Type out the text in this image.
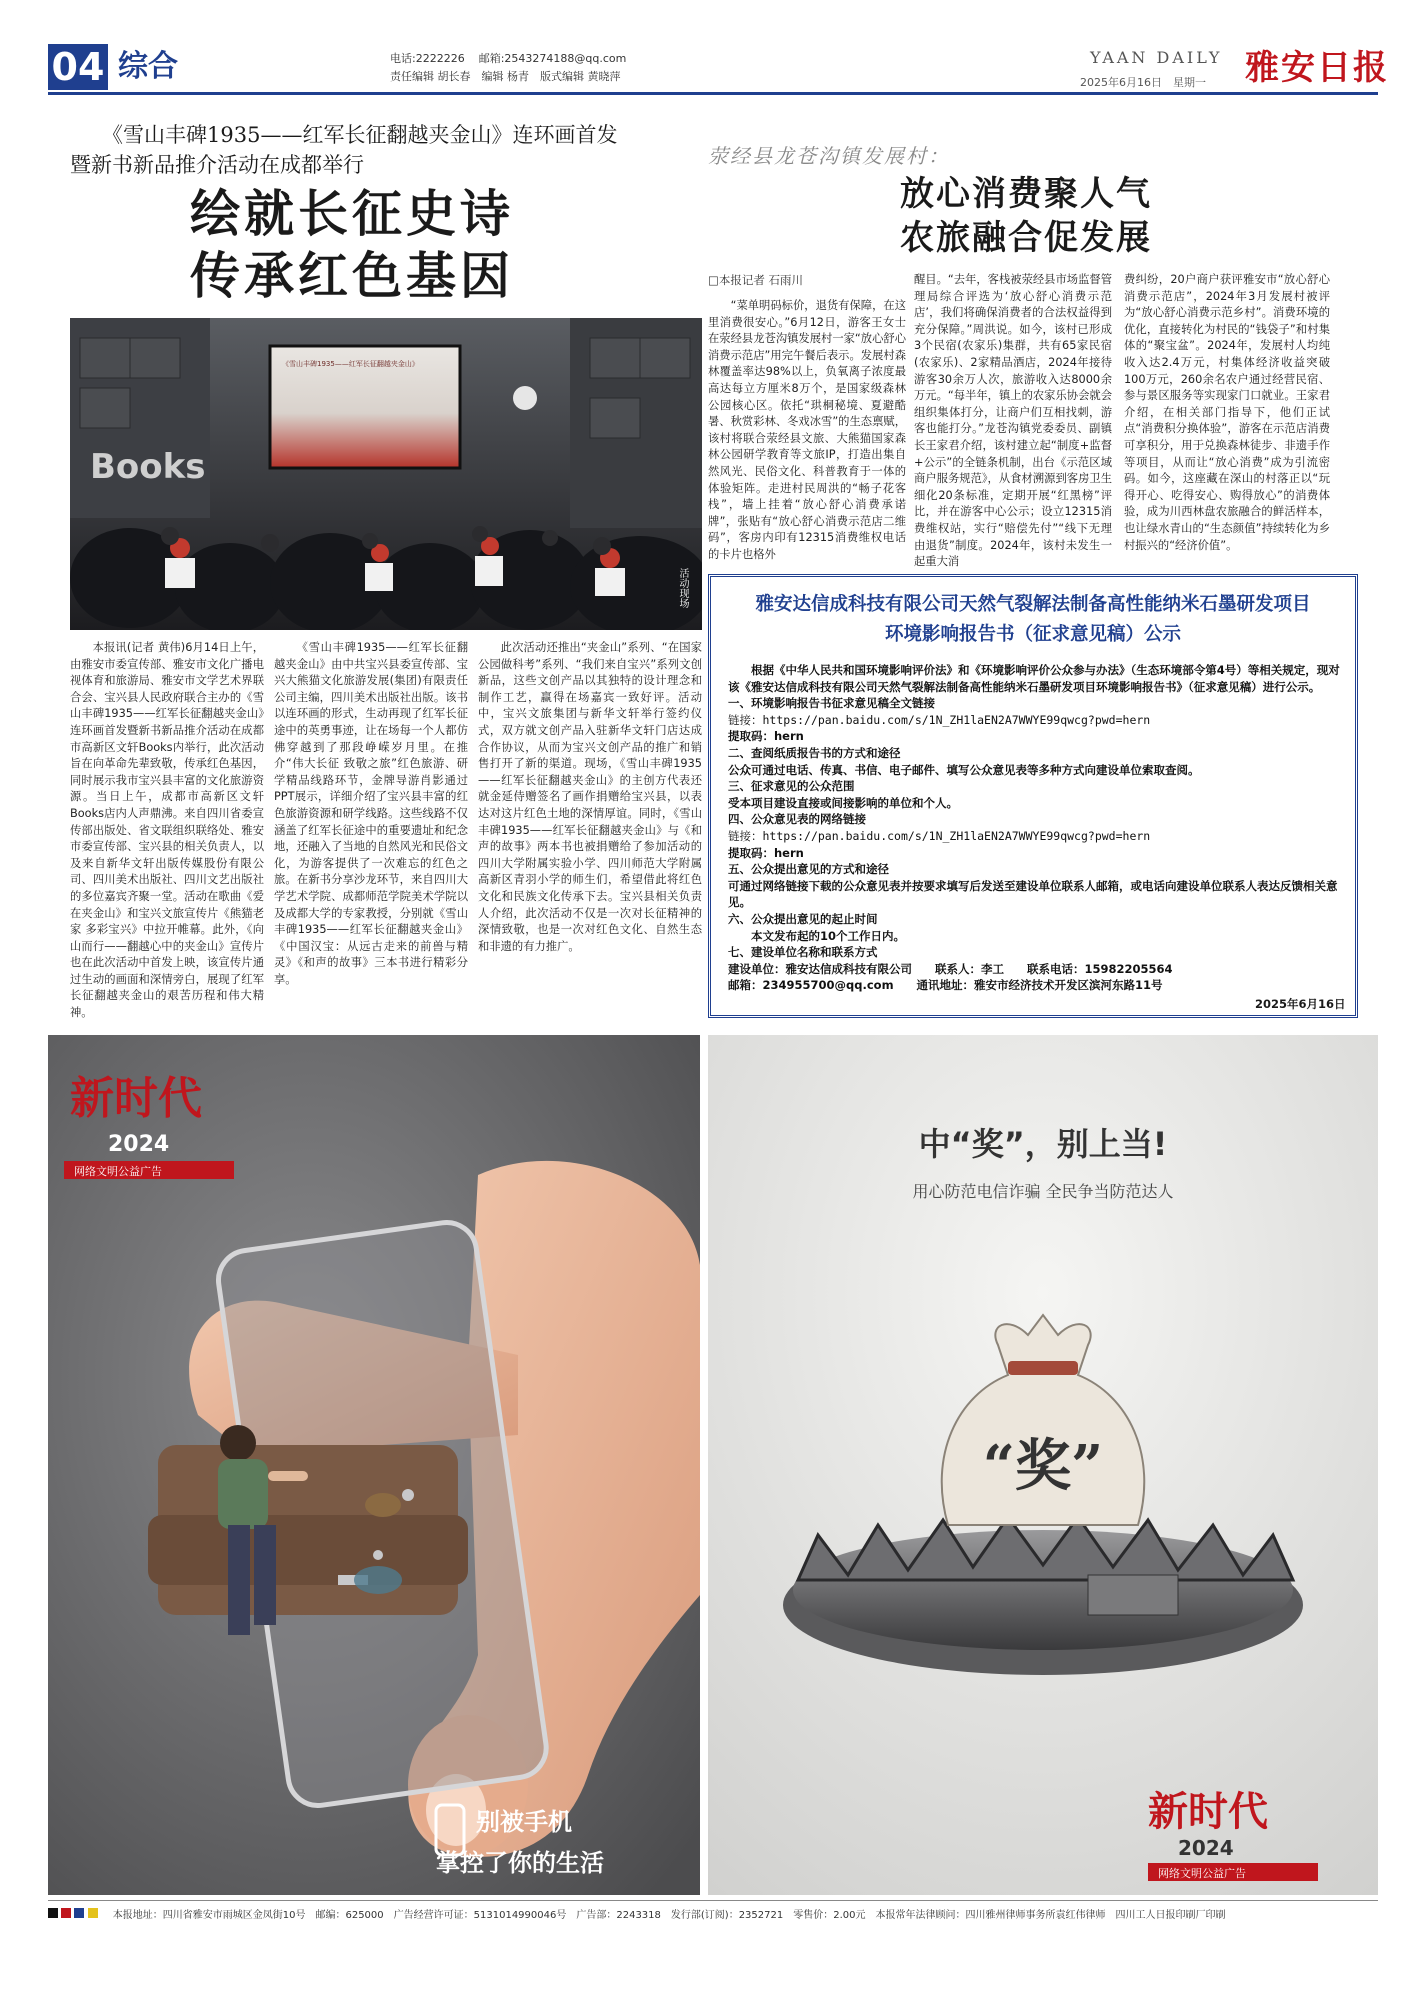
04 综合	电话:2222226 邮箱:2543274188@qq.com
责任编辑 胡长春　编辑 杨青　版式编辑 黄晓萍
YAAN DAILY
2025年6月16日　星期一 雅安日报
《雪山丰碑1935——红军长征翻越夹金山》连环画首发
暨新书新品推介活动在成都举行
绘就长征史诗
传承红色基因
Books
《雪山丰碑1935——红军长征翻越夹金山》
活动现场

本报讯(记者 黄伟)6月14日上午，由雅安市委宣传部、雅安市文化广播电视体育和旅游局、雅安市文学艺术界联合会、宝兴县人民政府联合主办的《雪山丰碑1935——红军长征翻越夹金山》连环画首发暨新书新品推介活动在成都市高新区文轩Books内举行，此次活动旨在向革命先辈致敬，传承红色基因，同时展示我市宝兴县丰富的文化旅游资源。当日上午，成都市高新区文轩Books店内人声鼎沸。来自四川省委宣传部出版处、省文联组织联络处、雅安市委宣传部、宝兴县的相关负责人，以及来自新华文轩出版传媒股份有限公司、四川美术出版社、四川文艺出版社的多位嘉宾齐聚一堂。活动在歌曲《爱在夹金山》和宝兴文旅宣传片《熊猫老家 多彩宝兴》中拉开帷幕。此外，《向山而行——翻越心中的夹金山》宣传片也在此次活动中首发上映，该宣传片通过生动的画面和深情旁白，展现了红军长征翻越夹金山的艰苦历程和伟大精神。

《雪山丰碑1935——红军长征翻越夹金山》由中共宝兴县委宣传部、宝兴大熊猫文化旅游发展(集团)有限责任公司主编，四川美术出版社出版。该书以连环画的形式，生动再现了红军长征途中的英勇事迹，让在场每一个人都仿佛穿越到了那段峥嵘岁月里。在推介“伟大长征 致敬之旅”红色旅游、研学精品线路环节，金牌导游肖影通过PPT展示，详细介绍了宝兴县丰富的红色旅游资源和研学线路。这些线路不仅涵盖了红军长征途中的重要遗址和纪念地，还融入了当地的自然风光和民俗文化，为游客提供了一次难忘的红色之旅。在新书分享沙龙环节，来自四川大学艺术学院、成都师范学院美术学院以及成都大学的专家教授，分别就《雪山丰碑1935——红军长征翻越夹金山》《中国汉宝：从远古走来的前兽与精灵》《和声的故事》三本书进行精彩分享。

此次活动还推出“夹金山”系列、“在国家公园做科考”系列、“我们来自宝兴”系列文创新品，这些文创产品以其独特的设计理念和制作工艺，赢得在场嘉宾一致好评。活动中，宝兴文旅集团与新华文轩举行签约仪式，双方就文创产品入驻新华文轩门店达成合作协议，从而为宝兴文创产品的推广和销售打开了新的渠道。现场，《雪山丰碑1935——红军长征翻越夹金山》的主创方代表还就金延侍赠签名了画作捐赠给宝兴县，以表达对这片红色土地的深情厚谊。同时，《雪山丰碑1935——红军长征翻越夹金山》与《和声的故事》两本书也被捐赠给了参加活动的四川大学附属实验小学、四川师范大学附属高新区青羽小学的师生们，希望借此将红色文化和民族文化传承下去。宝兴县相关负责人介绍，此次活动不仅是一次对长征精神的深情致敬，也是一次对红色文化、自然生态和非遗的有力推广。

荥经县龙苍沟镇发展村：
放心消费聚人气
农旅融合促发展
□本报记者 石雨川

“菜单明码标价，退货有保障，在这里消费很安心。”6月12日，游客王女士在荥经县龙苍沟镇发展村一家“放心舒心消费示范店”用完午餐后表示。发展村森林覆盖率达98%以上，负氧离子浓度最高达每立方厘米8万个，是国家级森林公园核心区。依托“珙桐秘境、夏避酷暑、秋赏彩林、冬戏冰雪”的生态禀赋，该村将联合荥经县文旅、大熊猫国家森林公园研学教育等文旅IP，打造出集自然风光、民俗文化、科普教育于一体的体验矩阵。走进村民周洪的“畅子花客栈”，墙上挂着“放心舒心消费承诺牌”，张贴有“放心舒心消费示范店二维码”，客房内印有12315消费维权电话的卡片也格外

醒目。“去年，客栈被荥经县市场监督管理局综合评选为‘放心舒心消费示范店’，我们将确保消费者的合法权益得到充分保障。”周洪说。如今，该村已形成3个民宿(农家乐)集群，共有65家民宿(农家乐)、2家精品酒店，2024年接待游客30余万人次，旅游收入达8000余万元。“每半年，镇上的农家乐协会就会组织集体打分，让商户们互相找刺，游客也能打分。”龙苍沟镇党委委员、副镇长王家君介绍，该村建立起“制度+监督+公示”的全链条机制，出台《示范区域商户服务规范》，从食材溯源到客房卫生细化20条标准，定期开展“红黑榜”评比，并在游客中心公示；设立12315消费维权站，实行“赔偿先付”“线下无理由退货”制度。2024年，该村未发生一起重大消

费纠纷，20户商户获评雅安市“放心舒心消费示范店”，2024年3月发展村被评为“放心舒心消费示范乡村”。消费环境的优化，直接转化为村民的“钱袋子”和村集体的“聚宝盆”。2024年，发展村人均纯收入达2.4万元，村集体经济收益突破100万元，260余名农户通过经营民宿、参与景区服务等实现家门口就业。王家君介绍，在相关部门指导下，他们正试点“消费积分换体验”，游客在示范店消费可享积分，用于兑换森林徒步、非遗手作等项目，从而让“放心消费”成为引流密码。如今，这座藏在深山的村落正以“玩得开心、吃得安心、购得放心”的消费体验，成为川西林盘农旅融合的鲜活样本，也让绿水青山的“生态颜值”持续转化为乡村振兴的“经济价值”。

雅安达信成科技有限公司天然气裂解法制备高性能纳米石墨研发项目
环境影响报告书（征求意见稿）公示
根据《中华人民共和国环境影响评价法》和《环境影响评价公众参与办法》（生态环境部令第4号）等相关规定，现对该《雅安达信成科技有限公司天然气裂解法制备高性能纳米石墨研发项目环境影响报告书》（征求意见稿）进行公示。
一、环境影响报告书征求意见稿全文链接
链接：https://pan.baidu.com/s/1N_ZH1laEN2A7WWYE99qwcg?pwd=hern
提取码：hern
二、查阅纸质报告书的方式和途径
公众可通过电话、传真、书信、电子邮件、填写公众意见表等多种方式向建设单位索取查阅。
三、征求意见的公众范围
受本项目建设直接或间接影响的单位和个人。
四、公众意见表的网络链接
链接：https://pan.baidu.com/s/1N_ZH1laEN2A7WWYE99qwcg?pwd=hern
提取码：hern
五、公众提出意见的方式和途径
可通过网络链接下载的公众意见表并按要求填写后发送至建设单位联系人邮箱，或电话向建设单位联系人表达反馈相关意见。
六、公众提出意见的起止时间
本文发布起的10个工作日内。
七、建设单位名称和联系方式
建设单位：雅安达信成科技有限公司　　联系人：李工　　联系电话：15982205564
邮箱：234955700@qq.com　　通讯地址：雅安市经济技术开发区滨河东路11号
2025年6月16日
新时代
2024
网络文明公益广告
别被手机
掌控了你的生活
中“奖”，别上当!
用心防范电信诈骗 全民争当防范达人
“奖”
新时代
2024
网络文明公益广告
本报地址：四川省雅安市雨城区金凤街10号　邮编：625000　广告经营许可证：5131014990046号　广告部：2243318　发行部(订阅)：2352721　零售价：2.00元　本报常年法律顾问：四川雅州律师事务所袁红伟律师　四川工人日报印刷厂印刷
